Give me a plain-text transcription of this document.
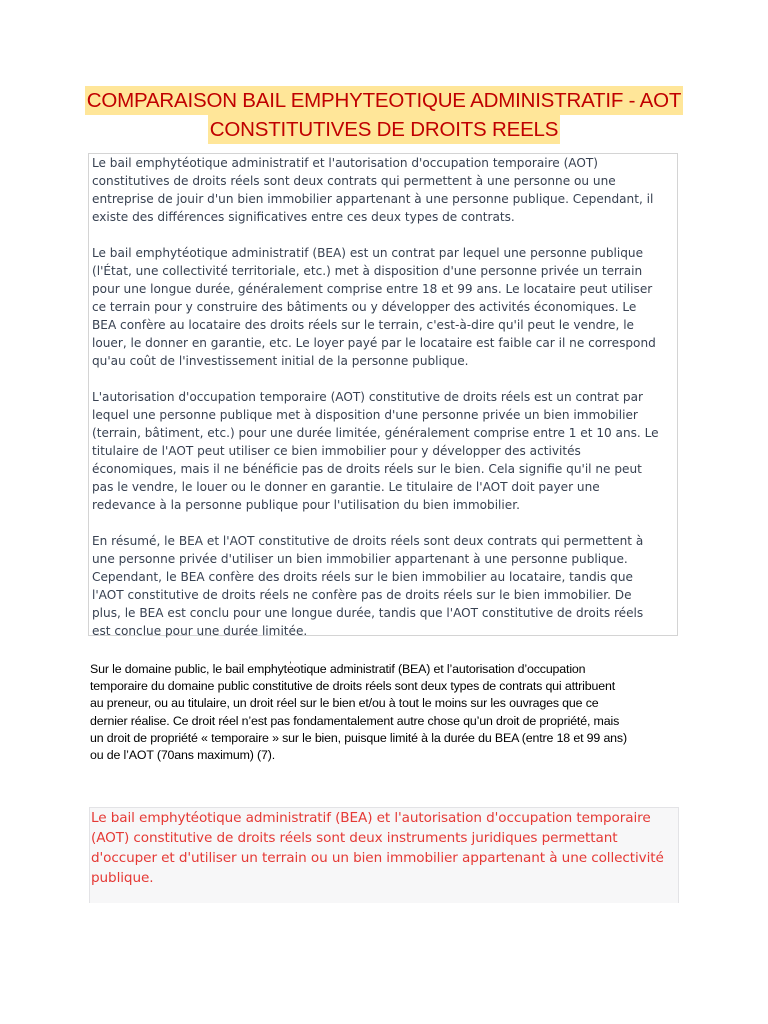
COMPARAISON BAIL EMPHYTEOTIQUE ADMINISTRATIF - AOT
CONSTITUTIVES DE DROITS REELS

Le bail emphytéotique administratif et l'autorisation d'occupation temporaire (AOT)
constitutives de droits réels sont deux contrats qui permettent à une personne ou une
entreprise de jouir d'un bien immobilier appartenant à une personne publique. Cependant, il
existe des différences significatives entre ces deux types de contrats.

Le bail emphytéotique administratif (BEA) est un contrat par lequel une personne publique
(l'État, une collectivité territoriale, etc.) met à disposition d'une personne privée un terrain
pour une longue durée, généralement comprise entre 18 et 99 ans. Le locataire peut utiliser
ce terrain pour y construire des bâtiments ou y développer des activités économiques. Le
BEA confère au locataire des droits réels sur le terrain, c'est-à-dire qu'il peut le vendre, le
louer, le donner en garantie, etc. Le loyer payé par le locataire est faible car il ne correspond
qu'au coût de l'investissement initial de la personne publique.

L'autorisation d'occupation temporaire (AOT) constitutive de droits réels est un contrat par
lequel une personne publique met à disposition d'une personne privée un bien immobilier
(terrain, bâtiment, etc.) pour une durée limitée, généralement comprise entre 1 et 10 ans. Le
titulaire de l'AOT peut utiliser ce bien immobilier pour y développer des activités
économiques, mais il ne bénéficie pas de droits réels sur le bien. Cela signifie qu'il ne peut
pas le vendre, le louer ou le donner en garantie. Le titulaire de l'AOT doit payer une
redevance à la personne publique pour l'utilisation du bien immobilier.

En résumé, le BEA et l'AOT constitutive de droits réels sont deux contrats qui permettent à
une personne privée d'utiliser un bien immobilier appartenant à une personne publique.
Cependant, le BEA confère des droits réels sur le bien immobilier au locataire, tandis que
l'AOT constitutive de droits réels ne confère pas de droits réels sur le bien immobilier. De
plus, le BEA est conclu pour une longue durée, tandis que l'AOT constitutive de droits réels
est conclue pour une durée limitée.

Sur le domaine public, le bail emphyte̍otique administratif (BEA) et l’autorisation d’occupation
temporaire du domaine public constitutive de droits réels sont deux types de contrats qui attribuent
au preneur, ou au titulaire, un droit réel sur le bien et/ou à tout le moins sur les ouvrages que ce
dernier réalise. Ce droit réel n’est pas fondamentalement autre chose qu’un droit de propriété, mais
un droit de propriété « temporaire » sur le bien, puisque limité à la durée du BEA (entre 18 et 99 ans)
ou de l’AOT (70ans maximum) (7).
Le bail emphytéotique administratif (BEA) et l'autorisation d'occupation temporaire
(AOT) constitutive de droits réels sont deux instruments juridiques permettant
d'occuper et d'utiliser un terrain ou un bien immobilier appartenant à une collectivité
publique.
